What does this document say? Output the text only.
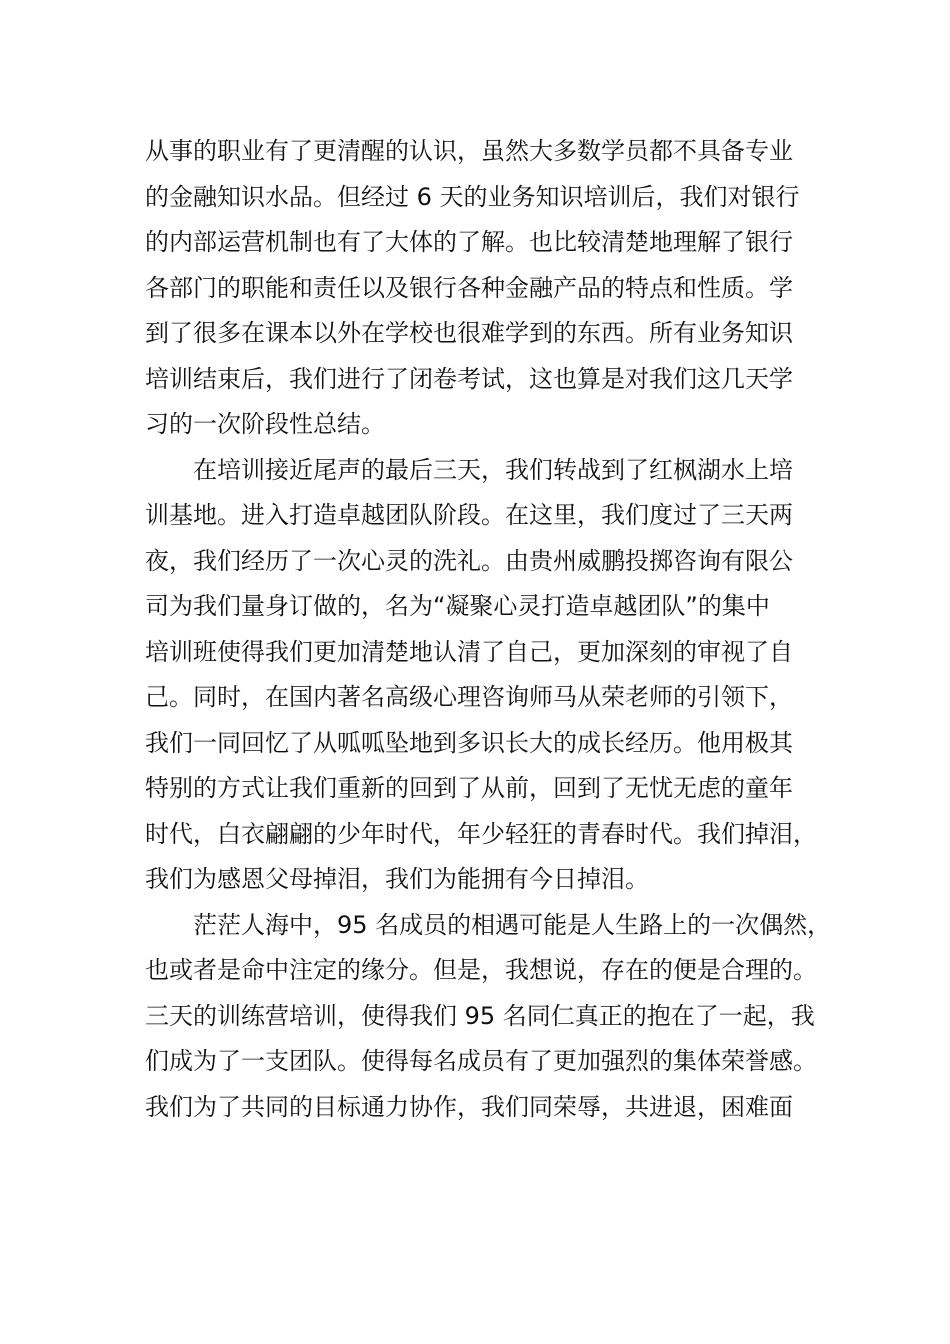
从事的职业有了更清醒的认识，虽然大多数学员都不具备专业
的金融知识水品。但经过 6 天的业务知识培训后，我们对银行
的内部运营机制也有了大体的了解。也比较清楚地理解了银行
各部门的职能和责任以及银行各种金融产品的特点和性质。学
到了很多在课本以外在学校也很难学到的东西。所有业务知识
培训结束后，我们进行了闭卷考试，这也算是对我们这几天学
习的一次阶段性总结。
在培训接近尾声的最后三天，我们转战到了红枫湖水上培
训基地。进入打造卓越团队阶段。在这里，我们度过了三天两
夜，我们经历了一次心灵的洗礼。由贵州威鹏投掷咨询有限公
司为我们量身订做的，名为“凝聚心灵打造卓越团队”的集中
培训班使得我们更加清楚地认清了自己，更加深刻的审视了自
己。同时，在国内著名高级心理咨询师马从荣老师的引领下，
我们一同回忆了从呱呱坠地到多识长大的成长经历。他用极其
特别的方式让我们重新的回到了从前，回到了无忧无虑的童年
时代，白衣翩翩的少年时代，年少轻狂的青春时代。我们掉泪，
我们为感恩父母掉泪，我们为能拥有今日掉泪。
茫茫人海中，95 名成员的相遇可能是人生路上的一次偶然，
也或者是命中注定的缘分。但是，我想说，存在的便是合理的。
三天的训练营培训，使得我们 95 名同仁真正的抱在了一起，我
们成为了一支团队。使得每名成员有了更加强烈的集体荣誉感。
我们为了共同的目标通力协作，我们同荣辱，共进退，困难面
